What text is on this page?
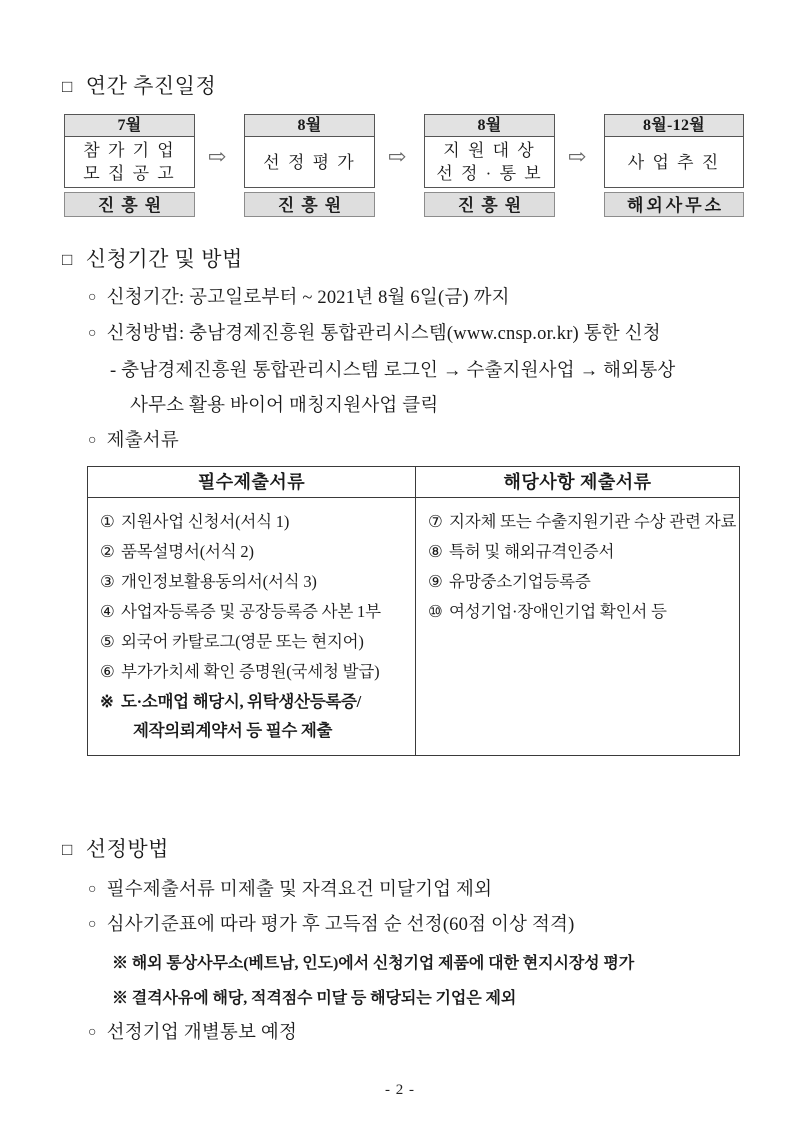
□ 연간 추진일정
7월
참 가 기 업
모 집 공 고
진흥원
⇨
8월
선 정 평 가
진흥원
⇨
8월
지 원 대 상
선 정 · 통 보
진흥원
⇨
8월-12월
사 업 추 진
해외사무소
□ 신청기간 및 방법
○ 신청기간: 공고일로부터 ~ 2021년 8월 6일(금) 까지
○ 신청방법: 충남경제진흥원 통합관리시스템(www.cnsp.or.kr) 통한 신청
- 충남경제진흥원 통합관리시스템 로그인 → 수출지원사업 → 해외통상
사무소 활용 바이어 매칭지원사업 클릭
○ 제출서류
필수제출서류	해당사항 제출서류
① 지원사업 신청서(서식 1)
② 품목설명서(서식 2)
③ 개인정보활용동의서(서식 3)
④ 사업자등록증 및 공장등록증 사본 1부
⑤ 외국어 카탈로그(영문 또는 현지어)
⑥ 부가가치세 확인 증명원(국세청 발급)
※ 도·소매업 해당시, 위탁생산등록증/
제작의뢰계약서 등 필수 제출
⑦ 지자체 또는 수출지원기관 수상 관련 자료
⑧ 특허 및 해외규격인증서
⑨ 유망중소기업등록증
⑩ 여성기업·장애인기업 확인서 등
□ 선정방법
○ 필수제출서류 미제출 및 자격요건 미달기업 제외
○ 심사기준표에 따라 평가 후 고득점 순 선정(60점 이상 적격)
※ 해외 통상사무소(베트남, 인도)에서 신청기업 제품에 대한 현지시장성 평가
※ 결격사유에 해당, 적격점수 미달 등 해당되는 기업은 제외
○ 선정기업 개별통보 예정
- 2 -
